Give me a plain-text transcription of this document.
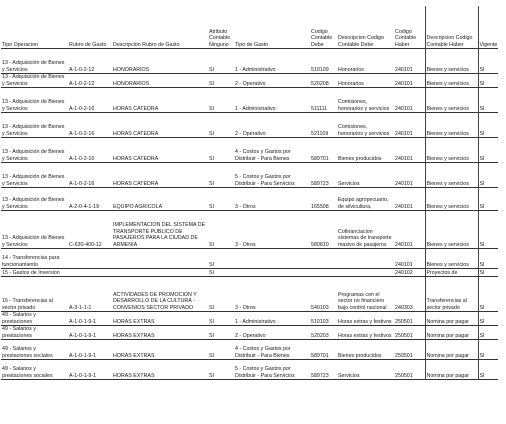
Tipo Operacion	Rubro de Gasto	Descripcion Rubro de Gasto	Atributo Contable Ninguno	Tipo de Gasto	Codigo Contable Debe	Descripcion Codigo Contable Debe	Codigo Contable Haber	Descripcion Codigo Contable Haber	Vigente
13 - Adquisición de Bienes y Servicios	A-1-0-2-12	HONORARIOS	SI	1 - Administrativo	510109	Honorarios	240101	Bienes y servicios	SI
13 - Adquisición de Bienes y Servicios	A-1-0-2-12	HONORARIOS	SI	2 - Operativo	520208	Honorarios	240101	Bienes y servicios	SI
13 - Adquisición de Bienes y Servicios	A-1-0-2-16	HORAS CATEDRA	SI	1 - Administrativo	511111	Comisiones, honorarios y servicios	240101	Bienes y servicios	SI
13 - Adquisición de Bienes y Servicios	A-1-0-2-16	HORAS CATEDRA	SI	2 - Operativo	521109	Comisiones, honorarios y servicios	240101	Bienes y servicios	SI
13 - Adquisición de Bienes y Servicios	A-1-0-2-16	HORAS CATEDRA	SI	4 - Costos y Gastos por Distribuir - Para Bienes	589701	Bienes producidos	240101	Bienes y servicios	SI
13 - Adquisición de Bienes y Servicios	A-1-0-2-16	HORAS CATEDRA	SI	5 - Costos y Gastos por Distribuir - Para Servicios	589723	Servicios	240101	Bienes y servicios	SI
13 - Adquisición de Bienes y Servicios	A-2-0-4-1-19	EQUIPO AGRICOLA	SI	3 - Otros	165508	Equipo agropecuario, de silvicultura,	240101	Bienes y servicios	SI
13 - Adquisición de Bienes y Servicios	C-630-400-12	IMPLEMENTACION DEL SISTEMA DE TRANSPORTE PUBLICO DE PASAJEROS PARA LA CIUDAD DE ARMENIA	SI	3 - Otros	580810	Cofinanciacion sistemas de transporte masivo de pasajeros	240101	Bienes y servicios	SI
14 - Transferencias para funcionamiento			SI				240101	Bienes y servicios	SI
15 - Gastos de Inversion			SI				240102	Proyectos de	SI
16 - Transferencias al sector privado	A-3-1-1-1	ACTIVIDADES DE PROMOCION Y DESARROLLO DE LA CULTURA - CONVENIOS SECTOR PRIVADO	SI	3 - Otros	540103	Programas con el sector no financiero bajo control nacional	240303	Transferencias al sector privado	SI
49 - Salarios y prestaciones	A-1-0-1-9-1	HORAS EXTRAS	SI	1 - Administrativo	510103	Horas extras y festivos	250501	Nomina por pagar	SI
49 - Salarios y prestaciones	A-1-0-1-9-1	HORAS EXTRAS	SI	2 - Operativo	520203	Horas extras y festivos	250501	Nomina por pagar	SI
49 - Salarios y prestaciones sociales	A-1-0-1-9-1	HORAS EXTRAS	SI	4 - Costos y Gastos por Distribuir - Para Bienes	589701	Bienes producidos	250501	Nomina por pagar	SI
49 - Salarios y prestaciones sociales	A-1-0-1-9-1	HORAS EXTRAS	SI	5 - Costos y Gastos por Distribuir - Para Servicios	589723	Servicios	250501	Nomina por pagar	SI
